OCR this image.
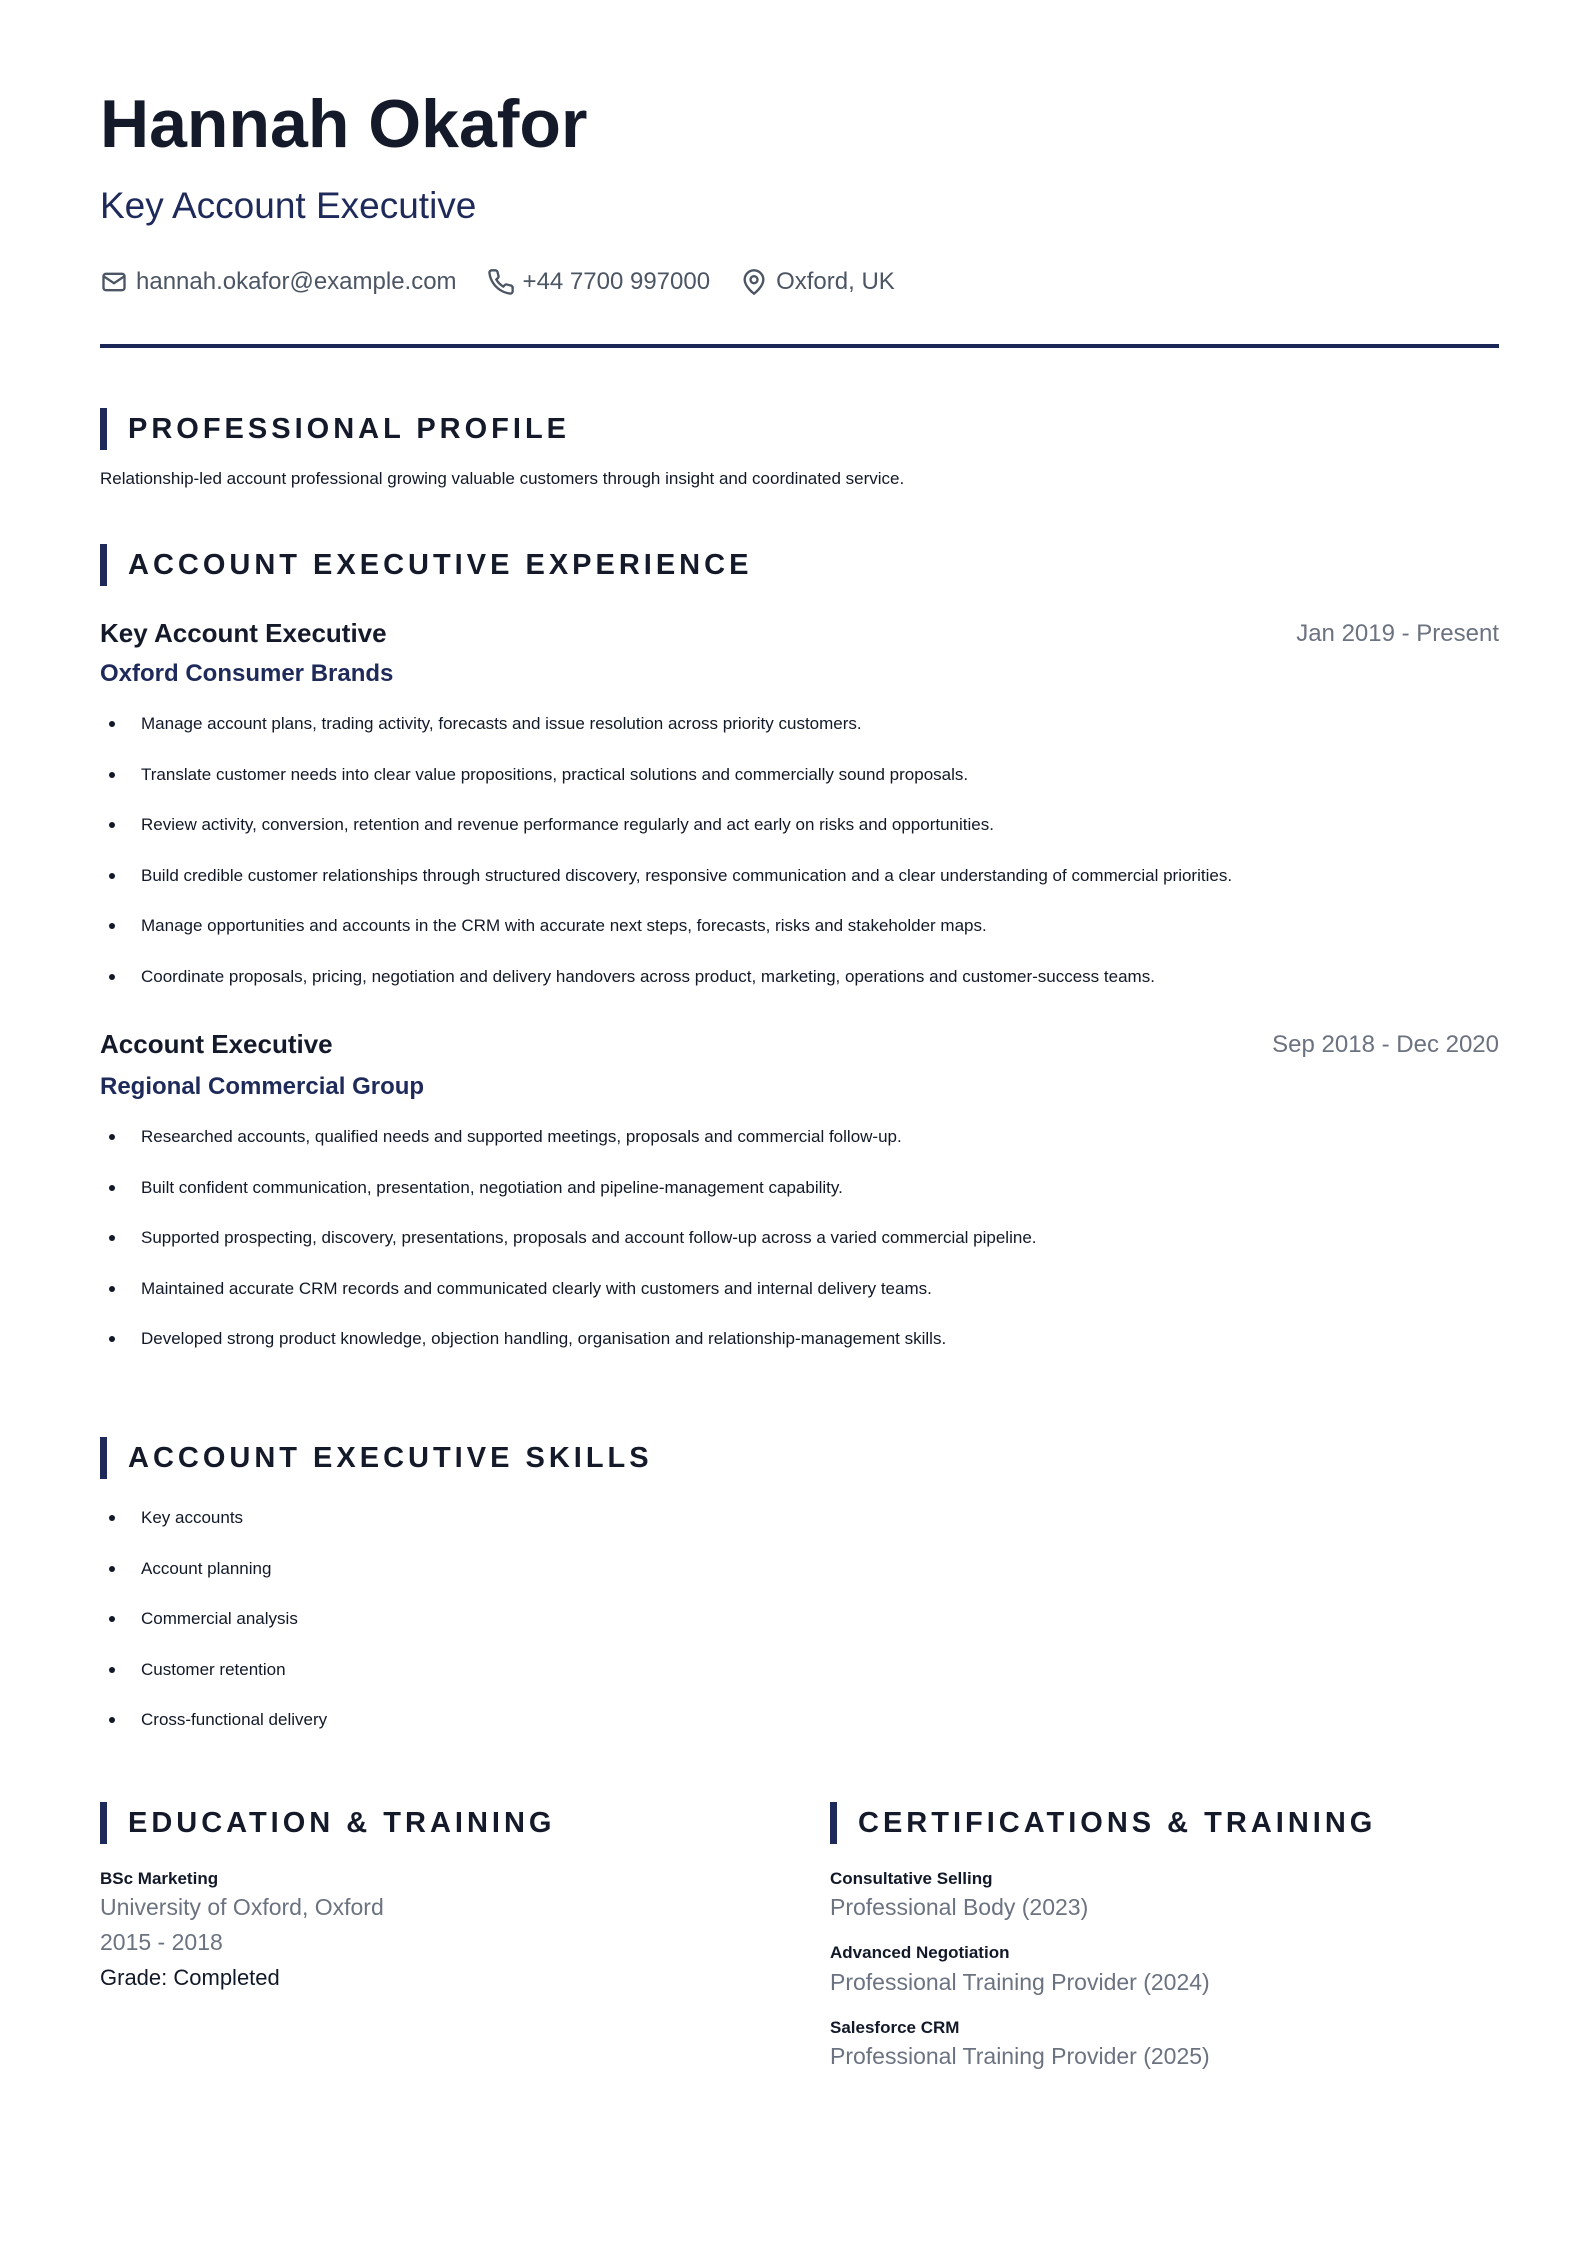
Hannah Okafor
Key Account Executive
hannah.okafor@example.com	+44 7700 997000	Oxford, UK
PROFESSIONAL PROFILE
Relationship-led account professional growing valuable customers through insight and coordinated service.
ACCOUNT EXECUTIVE EXPERIENCE
Key Account Executive	Jan 2019 - Present
Oxford Consumer Brands
Manage account plans, trading activity, forecasts and issue resolution across priority customers.
Translate customer needs into clear value propositions, practical solutions and commercially sound proposals.
Review activity, conversion, retention and revenue performance regularly and act early on risks and opportunities.
Build credible customer relationships through structured discovery, responsive communication and a clear understanding of commercial priorities.
Manage opportunities and accounts in the CRM with accurate next steps, forecasts, risks and stakeholder maps.
Coordinate proposals, pricing, negotiation and delivery handovers across product, marketing, operations and customer-success teams.
Account Executive	Sep 2018 - Dec 2020
Regional Commercial Group
Researched accounts, qualified needs and supported meetings, proposals and commercial follow-up.
Built confident communication, presentation, negotiation and pipeline-management capability.
Supported prospecting, discovery, presentations, proposals and account follow-up across a varied commercial pipeline.
Maintained accurate CRM records and communicated clearly with customers and internal delivery teams.
Developed strong product knowledge, objection handling, organisation and relationship-management skills.
ACCOUNT EXECUTIVE SKILLS
Key accounts
Account planning
Commercial analysis
Customer retention
Cross-functional delivery
EDUCATION & TRAINING
BSc Marketing
University of Oxford, Oxford
2015 - 2018
Grade: Completed
CERTIFICATIONS & TRAINING
Consultative Selling
Professional Body (2023)
Advanced Negotiation
Professional Training Provider (2024)
Salesforce CRM
Professional Training Provider (2025)
